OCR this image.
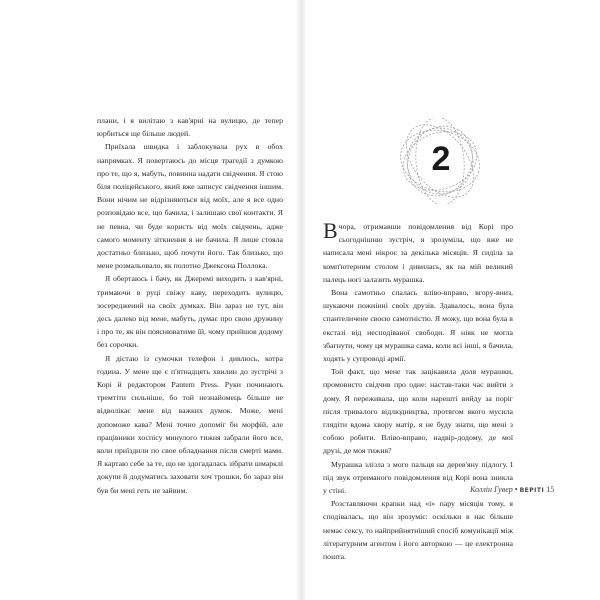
плани, і я вилітаю з кав'ярні на вулицю, де тепер юрбиться ще більше людей.

Приїхала швидка і заблокувала рух в обох напрямках. Я повертаюсь до місця трагедії з думкою про те, що я, мабуть, повинна надати свідчення. Я стою біля поліцейського, який вже записує свідчення іншим. Вони нічим не відрізняються від моїх, але я все одно розповідаю все, що бачила, і залишаю свої контакти. Я не певна, чи буде користь від моїх свідчень, адже самого моменту зіткнення я не бачила. Я лише стояла достатньо близько, щоб почути його. Так близько, що мене розмальовало, як полотно Джексона Поллока.

Я обертаюсь і бачу, як Джеремі виходить з кав'ярні, тримаючи в руці свіжу каву, переходить вулицю, зосереджений на своїх думках. Він зараз не тут, він десь далеко від мене, мабуть, думає про свою дружину і про те, як він пояснюватиме їй, чому прийшов додому без сорочки.

Я дістаю із сумочки телефон і дивлюсь, котра година. У мене ще є п'ятнадцять хвилин до зустрічі з Корі й редактором Pantem Press. Руки починають тремтіти сильніше, бо той незнайомець більше не відволікає мене від важких думок. Може, мені допоможе кава? Мені точно допоміг би морфій, але працівники хоспісу минулого тижня забрали його все, коли приїздили по свое обладнання після смерті мами. Я картаю себе за те, що не здогадалась зібрати шмарклі докупи й додуматись заховати хоч трошки, бо зараз він був би мені геть не зайвим.

2

Вчора, отримавши повідомлення від Корі про сьогоднішню зустріч, я зрозуміла, що вже не написала мені нікроє за декілька місяців. Я сиділа за комп'ютерним столом і дивилась, як на мій великий палець ногі залазить мурашка.

Вона самотньо спалась вліво-вправо, вгору-вниз, шукаючи пожиінні своїх друзів. Здавалось, вона була спантеличене своєю самотністю. Я можу, що вона була в екстазі від несподіваної свободи. Я ніяк не могла збагнути, чому ця мурашка сама, коли всі інші, я бачила, ходять у супроводі армії.

Той факт, що мене так зацікавила доля мурашки, промовисто свідчив про одне: настав-таки час вийти з дому. Я переживала, що коли нарешті вийду за поріг після тривалого відлюдництва, протягом якого мусила глядіти вдома хвору матір, я не буду знати, що мені з собою робити. Вліво-вправо, надвір-додому, де мої друзі, де моя тижня?

Мурашка злізла з мого пальця на дерев'яну підлогу. І під звук отриманого повідомлення від Корі вона зникла у стіні.

Розставляючи крапки над «і» пару місяців тому, я сподівалась, що він зрозуміє: оскільки в нас більше немає сексу, то найприйнятніший спосіб комунікації між літературним агентом і його авторкою — це електронна пошта.

Коллін Гувер • ВЕРІТІ 15
